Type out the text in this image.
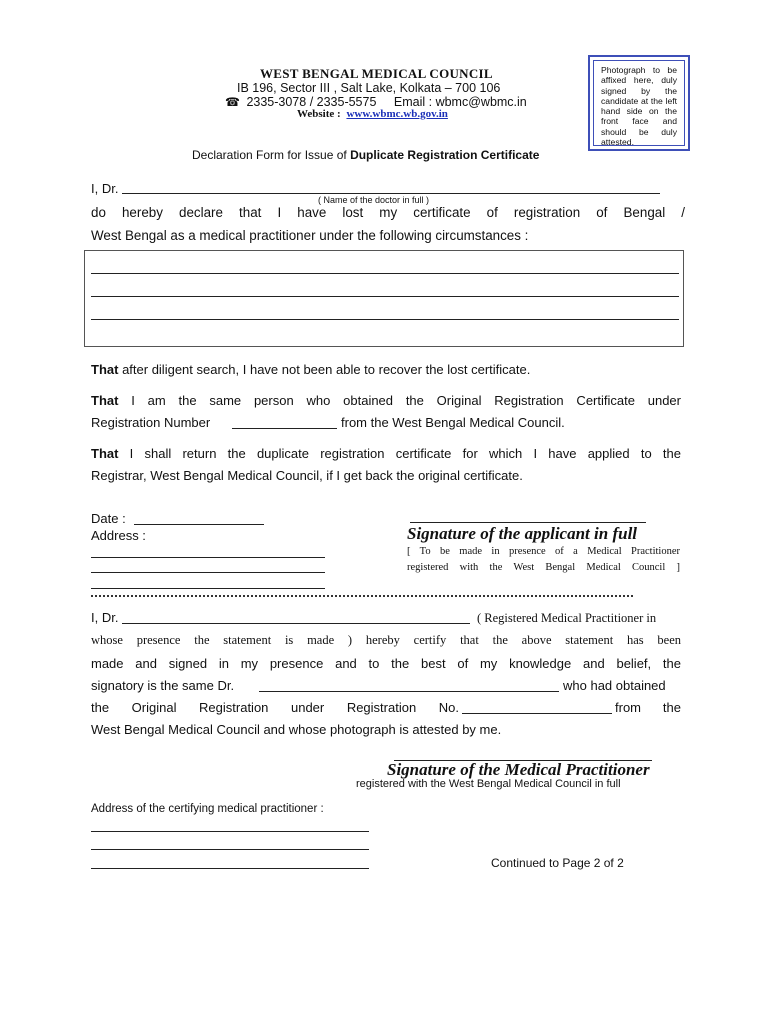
WEST BENGAL MEDICAL COUNCIL
IB 196, Sector III , Salt Lake, Kolkata – 700 106
☎ 2335-3078 / 2335-5575 Email : wbmc@wbmc.in
Website : www.wbmc.wb.gov.in
Photograph to be affixed here, duly signed by the candidate at the left hand side on the front face and should be duly attested.
Declaration Form for Issue of Duplicate Registration Certificate
I, Dr.
( Name of the doctor in full )
do hereby declare that I have lost my certificate of registration of Bengal /
West Bengal as a medical practitioner under the following circumstances :
That after diligent search, I have not been able to recover the lost certificate.
That I am the same person who obtained the Original Registration Certificate under
Registration Number	from the West Bengal Medical Council.
That I shall return the duplicate registration certificate for which I have applied to the
Registrar, West Bengal Medical Council, if I get back the original certificate.
Date :
Address :	Signature of the applicant in full
[ To be made in presence of a Medical Practitioner
registered with the West Bengal Medical Council ]
I, Dr.	( Registered Medical Practitioner in
whose presence the statement is made ) hereby certify that the above statement has been
made and signed in my presence and to the best of my knowledge and belief, the
signatory is the same Dr.	who had obtained
the Original Registration under Registration No.	from the
West Bengal Medical Council and whose photograph is attested by me.
Signature of the Medical Practitioner
registered with the West Bengal Medical Council in full
Address of the certifying medical practitioner :
Continued to Page 2 of 2
